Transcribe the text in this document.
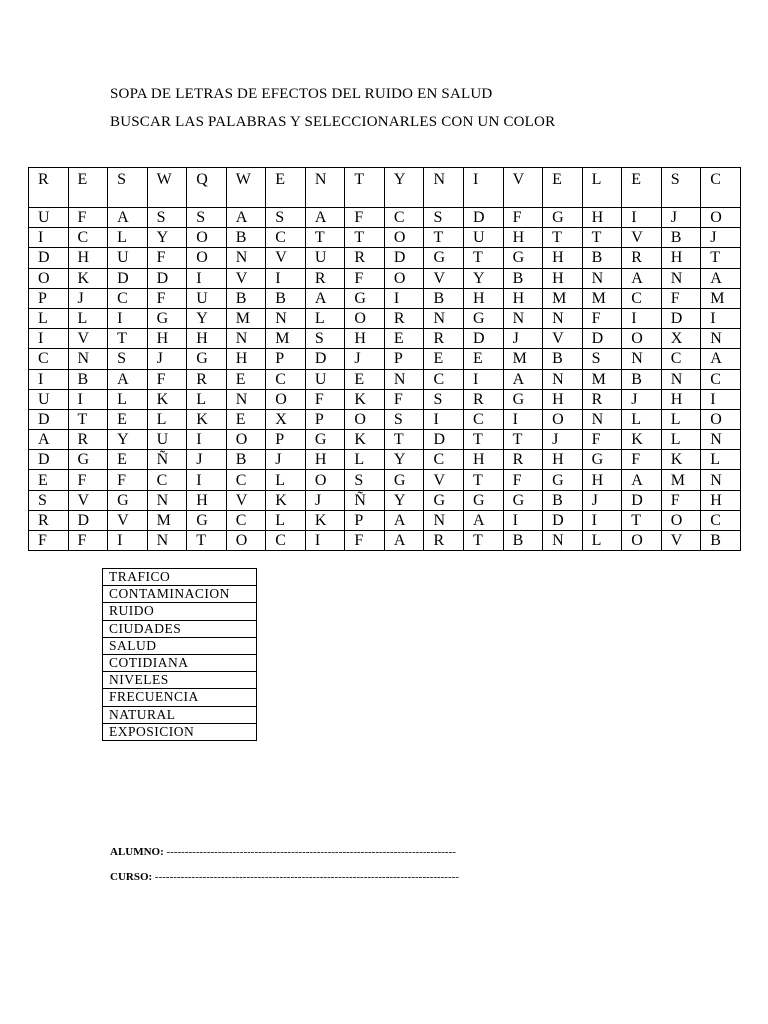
SOPA DE LETRAS DE EFECTOS DEL RUIDO EN SALUD
BUSCAR LAS PALABRAS Y SELECCIONARLES CON UN COLOR
R	E	S	W	Q	W	E	N	T	Y	N	I	V	E	L	E	S	C
U	F	A	S	S	A	S	A	F	C	S	D	F	G	H	I	J	O
I	C	L	Y	O	B	C	T	T	O	T	U	H	T	T	V	B	J
D	H	U	F	O	N	V	U	R	D	G	T	G	H	B	R	H	T
O	K	D	D	I	V	I	R	F	O	V	Y	B	H	N	A	N	A
P	J	C	F	U	B	B	A	G	I	B	H	H	M	M	C	F	M
L	L	I	G	Y	M	N	L	O	R	N	G	N	N	F	I	D	I
I	V	T	H	H	N	M	S	H	E	R	D	J	V	D	O	X	N
C	N	S	J	G	H	P	D	J	P	E	E	M	B	S	N	C	A
I	B	A	F	R	E	C	U	E	N	C	I	A	N	M	B	N	C
U	I	L	K	L	N	O	F	K	F	S	R	G	H	R	J	H	I
D	T	E	L	K	E	X	P	O	S	I	C	I	O	N	L	L	O
A	R	Y	U	I	O	P	G	K	T	D	T	T	J	F	K	L	N
D	G	E	Ñ	J	B	J	H	L	Y	C	H	R	H	G	F	K	L
E	F	F	C	I	C	L	O	S	G	V	T	F	G	H	A	M	N
S	V	G	N	H	V	K	J	Ñ	Y	G	G	G	B	J	D	F	H
R	D	V	M	G	C	L	K	P	A	N	A	I	D	I	T	O	C
F	F	I	N	T	O	C	I	F	A	R	T	B	N	L	O	V	B
TRAFICO
CONTAMINACION
RUIDO
CIUDADES
SALUD
COTIDIANA
NIVELES
FRECUENCIA
NATURAL
EXPOSICION
ALUMNO: -------------------------------------------------------------------------------
CURSO: -----------------------------------------------------------------------------------
